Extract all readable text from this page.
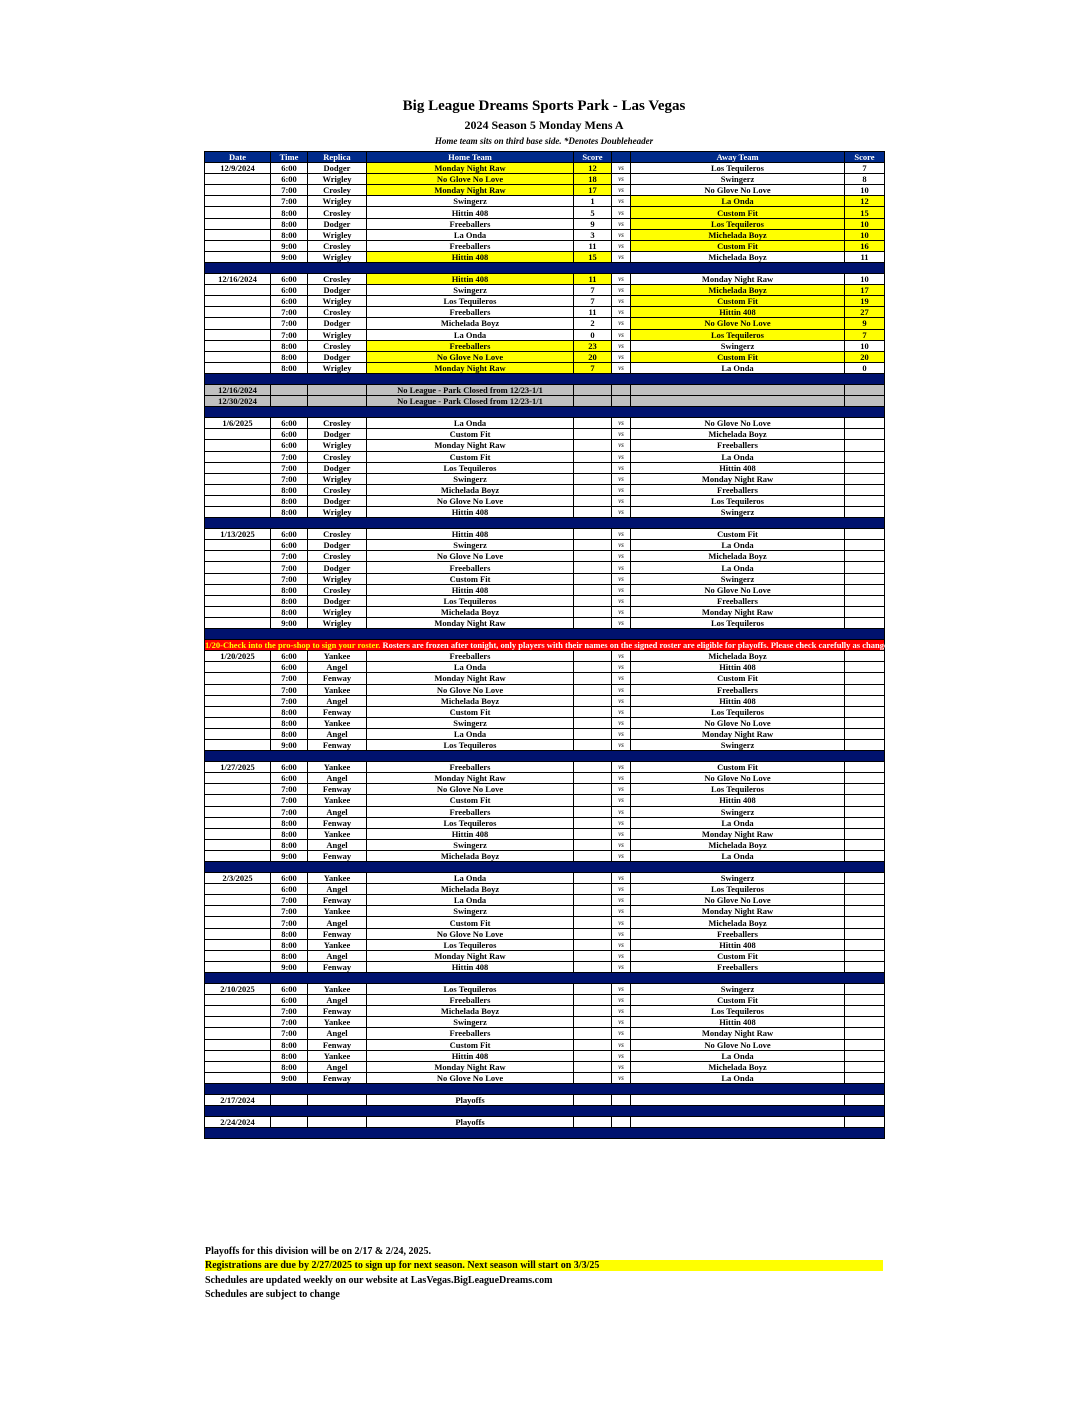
Big League Dreams Sports Park - Las Vegas
2024 Season 5 Monday Mens A
Home team sits on third base side. *Denotes Doubleheader
Date	Time	Replica	Home Team	Score		Away Team	Score
12/9/2024	6:00	Dodger	Monday Night Raw	12	vs	Los Tequileros	7
	6:00	Wrigley	No Glove No Love	18	vs	Swingerz	8
	7:00	Crosley	Monday Night Raw	17	vs	No Glove No Love	10
	7:00	Wrigley	Swingerz	1	vs	La Onda	12
	8:00	Crosley	Hittin 408	5	vs	Custom Fit	15
	8:00	Dodger	Freeballers	9	vs	Los Tequileros	10
	8:00	Wrigley	La Onda	3	vs	Michelada Boyz	10
	9:00	Crosley	Freeballers	11	vs	Custom Fit	16
	9:00	Wrigley	Hittin 408	15	vs	Michelada Boyz	11

12/16/2024	6:00	Crosley	Hittin 408	11	vs	Monday Night Raw	10
	6:00	Dodger	Swingerz	7	vs	Michelada Boyz	17
	6:00	Wrigley	Los Tequileros	7	vs	Custom Fit	19
	7:00	Crosley	Freeballers	11	vs	Hittin 408	27
	7:00	Dodger	Michelada Boyz	2	vs	No Glove No Love	9
	7:00	Wrigley	La Onda	0	vs	Los Tequileros	7
	8:00	Crosley	Freeballers	23	vs	Swingerz	10
	8:00	Dodger	No Glove No Love	20	vs	Custom Fit	20
	8:00	Wrigley	Monday Night Raw	7	vs	La Onda	0

12/16/2024			No League - Park Closed from 12/23-1/1				
12/30/2024			No League - Park Closed from 12/23-1/1				

1/6/2025	6:00	Crosley	La Onda		vs	No Glove No Love	
	6:00	Dodger	Custom Fit		vs	Michelada Boyz	
	6:00	Wrigley	Monday Night Raw		vs	Freeballers	
	7:00	Crosley	Custom Fit		vs	La Onda	
	7:00	Dodger	Los Tequileros		vs	Hittin 408	
	7:00	Wrigley	Swingerz		vs	Monday Night Raw	
	8:00	Crosley	Michelada Boyz		vs	Freeballers	
	8:00	Dodger	No Glove No Love		vs	Los Tequileros	
	8:00	Wrigley	Hittin 408		vs	Swingerz	

1/13/2025	6:00	Crosley	Hittin 408		vs	Custom Fit	
	6:00	Dodger	Swingerz		vs	La Onda	
	7:00	Crosley	No Glove No Love		vs	Michelada Boyz	
	7:00	Dodger	Freeballers		vs	La Onda	
	7:00	Wrigley	Custom Fit		vs	Swingerz	
	8:00	Crosley	Hittin 408		vs	No Glove No Love	
	8:00	Dodger	Los Tequileros		vs	Freeballers	
	8:00	Wrigley	Michelada Boyz		vs	Monday Night Raw	
	9:00	Wrigley	Monday Night Raw		vs	Los Tequileros	

1/20-Check into the pro-shop to sign your roster. Rosters are frozen after tonight, only players with their names on the signed roster are eligible for playoffs. Please check carefully as changes will not be made for omissions.							
1/20/2025	6:00	Yankee	Freeballers		vs	Michelada Boyz	
	6:00	Angel	La Onda		vs	Hittin 408	
	7:00	Fenway	Monday Night Raw		vs	Custom Fit	
	7:00	Yankee	No Glove No Love		vs	Freeballers	
	7:00	Angel	Michelada Boyz		vs	Hittin 408	
	8:00	Fenway	Custom Fit		vs	Los Tequileros	
	8:00	Yankee	Swingerz		vs	No Glove No Love	
	8:00	Angel	La Onda		vs	Monday Night Raw	
	9:00	Fenway	Los Tequileros		vs	Swingerz	

1/27/2025	6:00	Yankee	Freeballers		vs	Custom Fit	
	6:00	Angel	Monday Night Raw		vs	No Glove No Love	
	7:00	Fenway	No Glove No Love		vs	Los Tequileros	
	7:00	Yankee	Custom Fit		vs	Hittin 408	
	7:00	Angel	Freeballers		vs	Swingerz	
	8:00	Fenway	Los Tequileros		vs	La Onda	
	8:00	Yankee	Hittin 408		vs	Monday Night Raw	
	8:00	Angel	Swingerz		vs	Michelada Boyz	
	9:00	Fenway	Michelada Boyz		vs	La Onda	

2/3/2025	6:00	Yankee	La Onda		vs	Swingerz	
	6:00	Angel	Michelada Boyz		vs	Los Tequileros	
	7:00	Fenway	La Onda		vs	No Glove No Love	
	7:00	Yankee	Swingerz		vs	Monday Night Raw	
	7:00	Angel	Custom Fit		vs	Michelada Boyz	
	8:00	Fenway	No Glove No Love		vs	Freeballers	
	8:00	Yankee	Los Tequileros		vs	Hittin 408	
	8:00	Angel	Monday Night Raw		vs	Custom Fit	
	9:00	Fenway	Hittin 408		vs	Freeballers	

2/10/2025	6:00	Yankee	Los Tequileros		vs	Swingerz	
	6:00	Angel	Freeballers		vs	Custom Fit	
	7:00	Fenway	Michelada Boyz		vs	Los Tequileros	
	7:00	Yankee	Swingerz		vs	Hittin 408	
	7:00	Angel	Freeballers		vs	Monday Night Raw	
	8:00	Fenway	Custom Fit		vs	No Glove No Love	
	8:00	Yankee	Hittin 408		vs	La Onda	
	8:00	Angel	Monday Night Raw		vs	Michelada Boyz	
	9:00	Fenway	No Glove No Love		vs	La Onda	

2/17/2024			Playoffs				

2/24/2024			Playoffs				

Playoffs for this division will be on 2/17 & 2/24, 2025.
Registrations are due by 2/27/2025 to sign up for next season. Next season will start on 3/3/25
Schedules are updated weekly on our website at LasVegas.BigLeagueDreams.com
Schedules are subject to change
